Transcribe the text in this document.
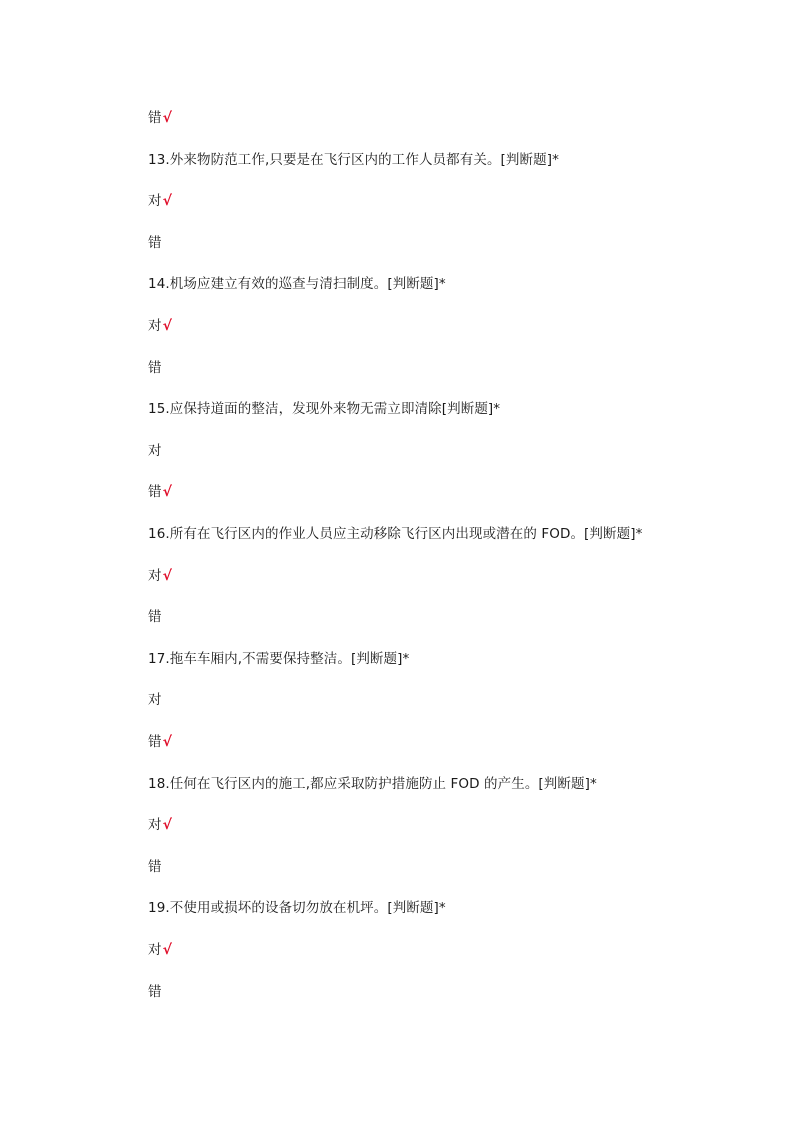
错√
13.外来物防范工作,只要是在飞行区内的工作人员都有关。[判断题]*
对√
错
14.机场应建立有效的巡查与清扫制度。[判断题]*
对√
错
15.应保持道面的整洁，发现外来物无需立即清除[判断题]*
对
错√
16.所有在飞行区内的作业人员应主动移除飞行区内出现或潜在的 FOD。[判断题]*
对√
错
17.拖车车厢内,不需要保持整洁。[判断题]*
对
错√
18.任何在飞行区内的施工,都应采取防护措施防止 FOD 的产生。[判断题]*
对√
错
19.不使用或损坏的设备切勿放在机坪。[判断题]*
对√
错
